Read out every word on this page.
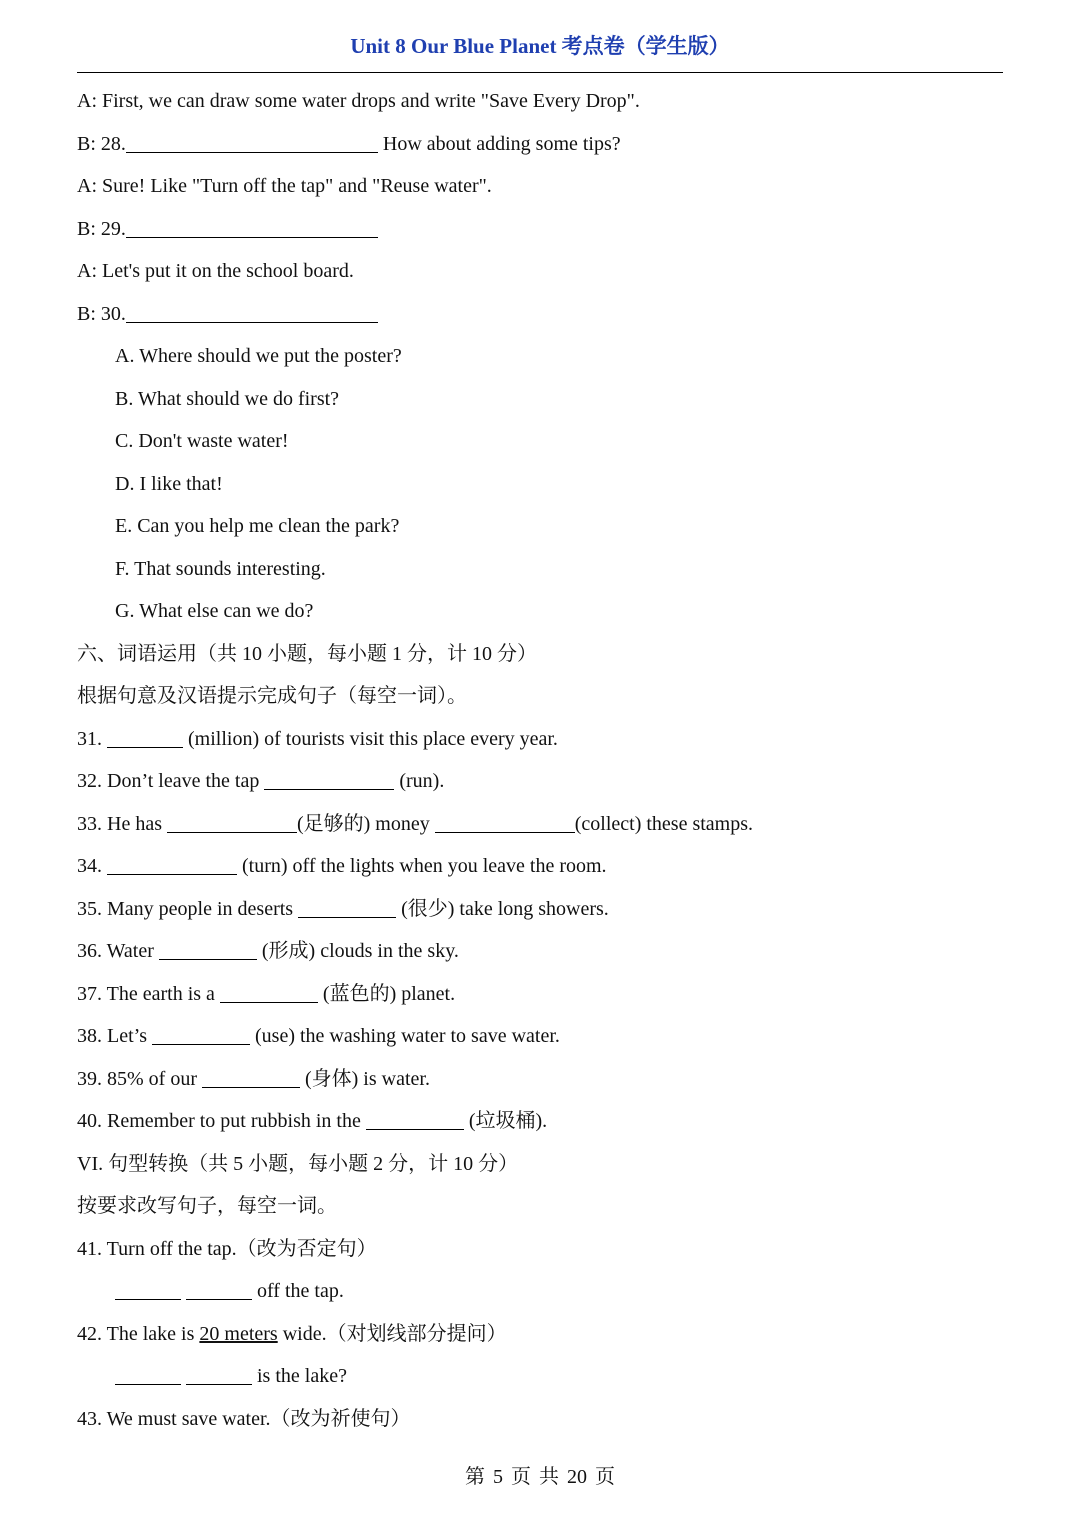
Unit 8 Our Blue Planet 考点卷（学生版）
A: First, we can draw some water drops and write "Save Every Drop".
B: 28.	How about adding some tips?
A: Sure! Like "Turn off the tap" and "Reuse water".
B: 29.
A: Let's put it on the school board.
B: 30.
A. Where should we put the poster?
B. What should we do first?
C. Don't waste water!
D. I like that!
E. Can you help me clean the park?
F. That sounds interesting.
G. What else can we do?
六、词语运用（共 10 小题，每小题 1 分，计 10 分）
根据句意及汉语提示完成句子（每空一词）。
31.	(million) of tourists visit this place every year.
32. Don’t leave the tap	(run).
33. He has	(足够的) money	(collect) these stamps.
34.	(turn) off the lights when you leave the room.
35. Many people in deserts	(很少) take long showers.
36. Water	(形成) clouds in the sky.
37. The earth is a	(蓝色的) planet.
38. Let’s	(use) the washing water to save water.
39. 85% of our	(身体) is water.
40. Remember to put rubbish in the	(垃圾桶).
VI. 句型转换（共 5 小题，每小题 2 分，计 10 分）
按要求改写句子，每空一词。
41. Turn off the tap.（改为否定句）
off the tap.
42. The lake is 20 meters wide.（对划线部分提问）
is the lake?
43. We must save water.（改为祈使句）
第 5 页 共 20 页
